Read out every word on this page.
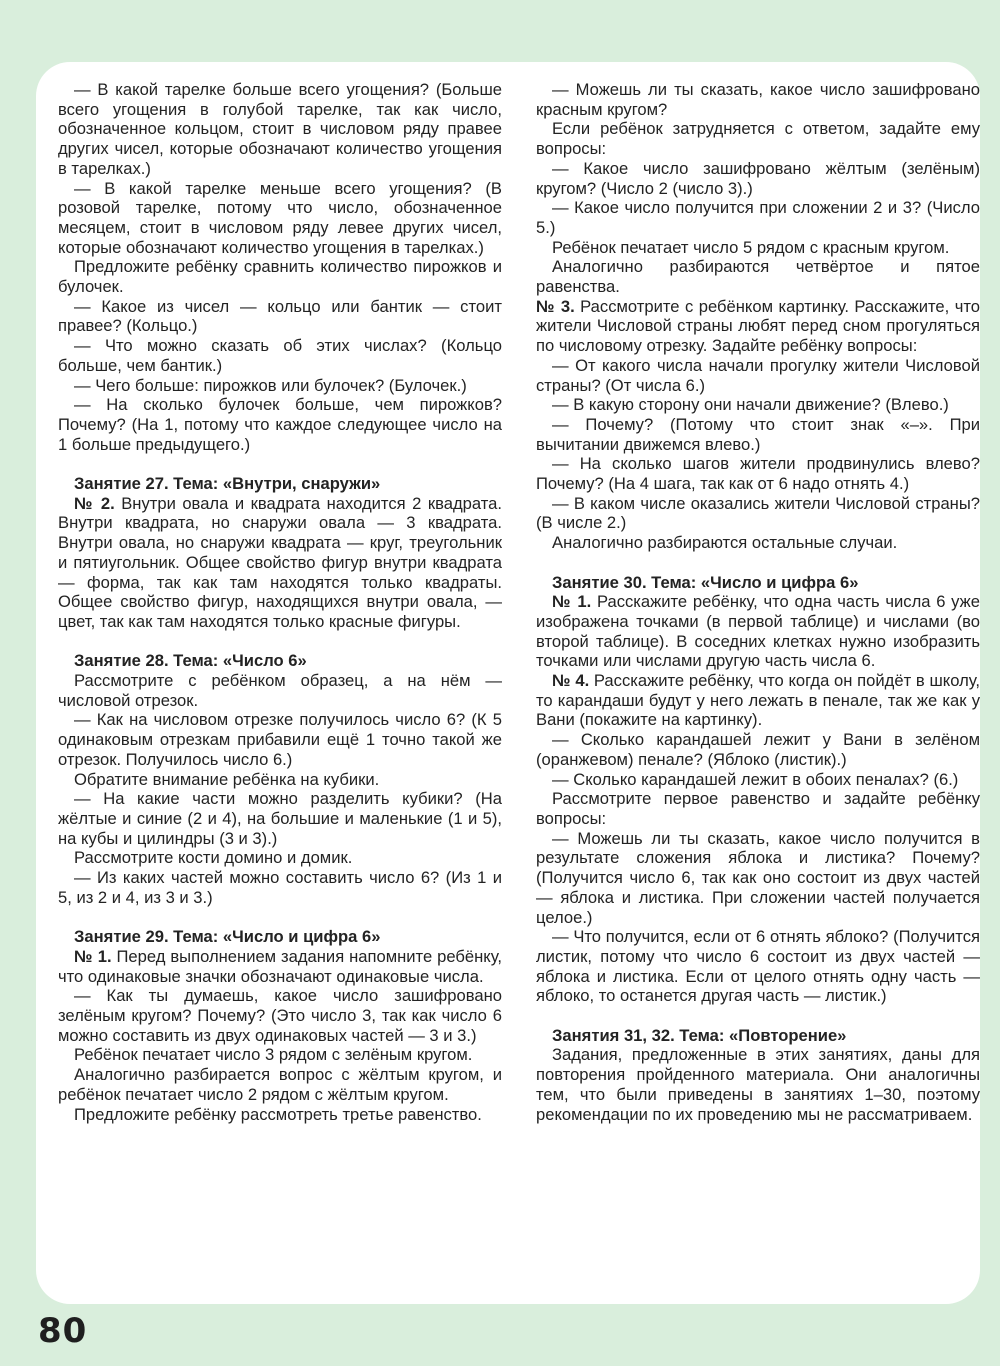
— В какой тарелке больше всего угощения? (Больше всего угощения в голубой тарелке, так как число, обозначенное кольцом, стоит в числовом ряду правее других чисел, которые обозначают количество угощения в тарелках.)

— В какой тарелке меньше всего угощения? (В розовой тарелке, потому что число, обозначенное месяцем, стоит в числовом ряду левее других чисел, которые обозначают количество угощения в тарелках.)

Предложите ребёнку сравнить количество пирожков и булочек.

— Какое из чисел — кольцо или бантик — стоит правее? (Кольцо.)

— Что можно сказать об этих числах? (Кольцо больше, чем бантик.)

— Чего больше: пирожков или булочек? (Булочек.)

— На сколько булочек больше, чем пирожков? Почему? (На 1, потому что каждое следующее число на 1 больше предыдущего.)

Занятие 27. Тема: «Внутри, снаружи»

№ 2. Внутри овала и квадрата находится 2 квадрата. Внутри квадрата, но снаружи овала — 3 квадрата. Внутри овала, но снаружи квадрата — круг, треугольник и пятиугольник. Общее свойство фигур внутри квадрата — форма, так как там находятся только квадраты. Общее свойство фигур, находящихся внутри овала, — цвет, так как там находятся только красные фигуры.

Занятие 28. Тема: «Число 6»

Рассмотрите с ребёнком образец, а на нём — числовой отрезок.

— Как на числовом отрезке получилось число 6? (К 5 одинаковым отрезкам прибавили ещё 1 точно такой же отрезок. Получилось число 6.)

Обратите внимание ребёнка на кубики.

— На какие части можно разделить кубики? (На жёлтые и синие (2 и 4), на большие и маленькие (1 и 5), на кубы и цилиндры (3 и 3).)

Рассмотрите кости домино и домик.

— Из каких частей можно составить число 6? (Из 1 и 5, из 2 и 4, из 3 и 3.)

Занятие 29. Тема: «Число и цифра 6»

№ 1. Перед выполнением задания напомните ребёнку, что одинаковые значки обозначают одинаковые числа.

— Как ты думаешь, какое число зашифровано зелёным кругом? Почему? (Это число 3, так как число 6 можно составить из двух одинаковых частей — 3 и 3.)

Ребёнок печатает число 3 рядом с зелёным кругом.

Аналогично разбирается вопрос с жёлтым кругом, и ребёнок печатает число 2 рядом с жёлтым кругом.

Предложите ребёнку рассмотреть третье равенство.

— Можешь ли ты сказать, какое число зашифровано красным кругом?

Если ребёнок затрудняется с ответом, задайте ему вопросы:

— Какое число зашифровано жёлтым (зелёным) кругом? (Число 2 (число 3).)

— Какое число получится при сложении 2 и 3? (Число 5.)

Ребёнок печатает число 5 рядом с красным кругом.

Аналогично разбираются четвёртое и пятое равенства.

№ 3. Рассмотрите с ребёнком картинку. Расскажите, что жители Числовой страны любят перед сном прогуляться по числовому отрезку. Задайте ребёнку вопросы:

— От какого числа начали прогулку жители Числовой страны? (От числа 6.)

— В какую сторону они начали движение? (Влево.)

— Почему? (Потому что стоит знак «–». При вычитании движемся влево.)

— На сколько шагов жители продвинулись влево? Почему? (На 4 шага, так как от 6 надо отнять 4.)

— В каком числе оказались жители Числовой страны? (В числе 2.)

Аналогично разбираются остальные случаи.

Занятие 30. Тема: «Число и цифра 6»

№ 1. Расскажите ребёнку, что одна часть числа 6 уже изображена точками (в первой таблице) и числами (во второй таблице). В соседних клетках нужно изобразить точками или числами другую часть числа 6.

№ 4. Расскажите ребёнку, что когда он пойдёт в школу, то карандаши будут у него лежать в пенале, так же как у Вани (покажите на картинку).

— Сколько карандашей лежит у Вани в зелёном (оранжевом) пенале? (Яблоко (листик).)

— Сколько карандашей лежит в обоих пеналах? (6.)

Рассмотрите первое равенство и задайте ребёнку вопросы:

— Можешь ли ты сказать, какое число получится в результате сложения яблока и листика? Почему? (Получится число 6, так как оно состоит из двух частей — яблока и листика. При сложении частей получается целое.)

— Что получится, если от 6 отнять яблоко? (Получится листик, потому что число 6 состоит из двух частей — яблока и листика. Если от целого отнять одну часть — яблоко, то останется другая часть — листик.)

Занятия 31, 32. Тема: «Повторение»

Задания, предложенные в этих занятиях, даны для повторения пройденного материала. Они аналогичны тем, что были приведены в занятиях 1–30, поэтому рекомендации по их проведению мы не рассматриваем.

80
